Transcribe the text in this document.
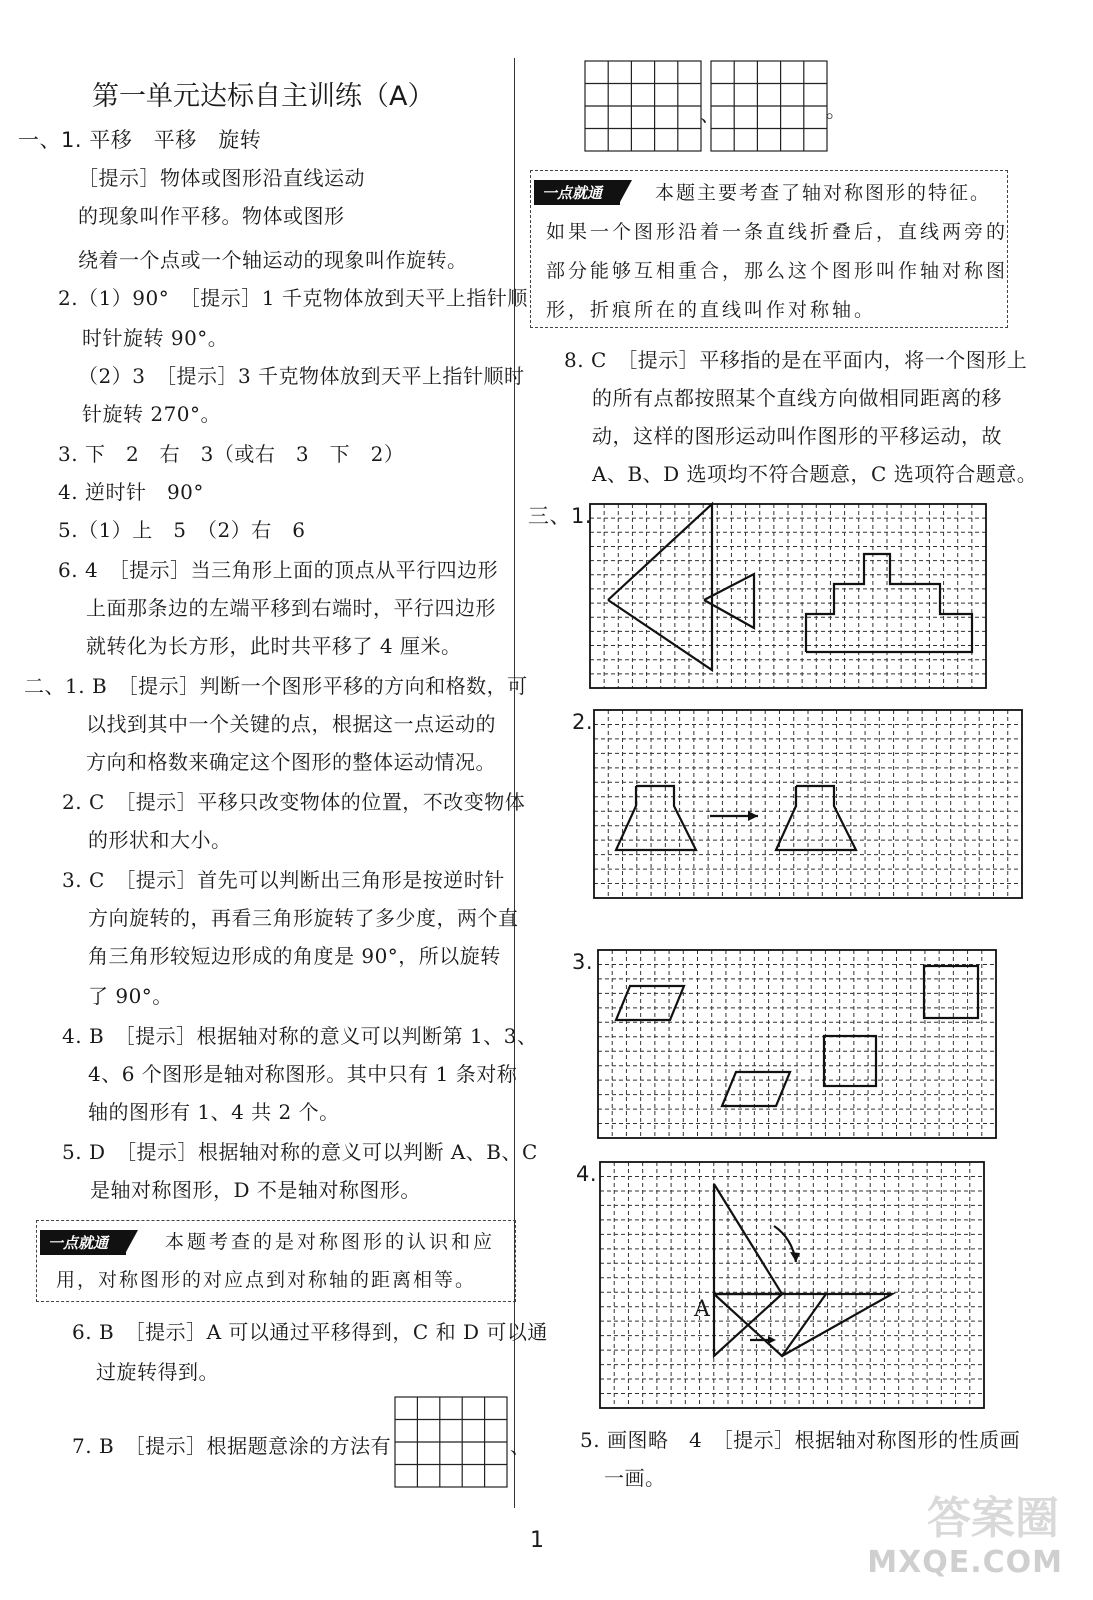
第一单元达标自主训练（A）
一、1. 平移　平移　旋转
［提示］物体或图形沿直线运动
的现象叫作平移。物体或图形
绕着一个点或一个轴运动的现象叫作旋转。
2.（1）90°　［提示］1 千克物体放到天平上指针顺
时针旋转 90°。
（2）3　［提示］3 千克物体放到天平上指针顺时
针旋转 270°。
3. 下　2　右　3（或右　3　下　2）
4. 逆时针　90°
5.（1）上　5　（2）右　6
6. 4　［提示］当三角形上面的顶点从平行四边形
上面那条边的左端平移到右端时，平行四边形
就转化为长方形，此时共平移了 4 厘米。
二、1. B　［提示］判断一个图形平移的方向和格数，可
以找到其中一个关键的点，根据这一点运动的
方向和格数来确定这个图形的整体运动情况。
2. C　［提示］平移只改变物体的位置，不改变物体
的形状和大小。
3. C　［提示］首先可以判断出三角形是按逆时针
方向旋转的，再看三角形旋转了多少度，两个直
角三角形较短边形成的角度是 90°，所以旋转
了 90°。
4. B　［提示］根据轴对称的意义可以判断第 1、3、
4、6 个图形是轴对称图形。其中只有 1 条对称
轴的图形有 1、4 共 2 个。
5. D　［提示］根据轴对称的意义可以判断 A、B、C
是轴对称图形，D 不是轴对称图形。
一点就通	本题考查的是对称图形的认识和应
用，对称图形的对应点到对称轴的距离相等。
6. B　［提示］A 可以通过平移得到，C 和 D 可以通
过旋转得到。
7. B　［提示］根据题意涂的方法有	、
、	。
一点就通	本题主要考查了轴对称图形的特征。
如果一个图形沿着一条直线折叠后，直线两旁的
部分能够互相重合，那么这个图形叫作轴对称图
形，折痕所在的直线叫作对称轴。
8. C　［提示］平移指的是在平面内，将一个图形上
的所有点都按照某个直线方向做相同距离的移
动，这样的图形运动叫作图形的平移运动，故
A、B、D 选项均不符合题意，C 选项符合题意。
三、1.
2.
3.
4.
A
5. 画图略　4　［提示］根据轴对称图形的性质画
一画。
1	答案圈
MXQE.COM
